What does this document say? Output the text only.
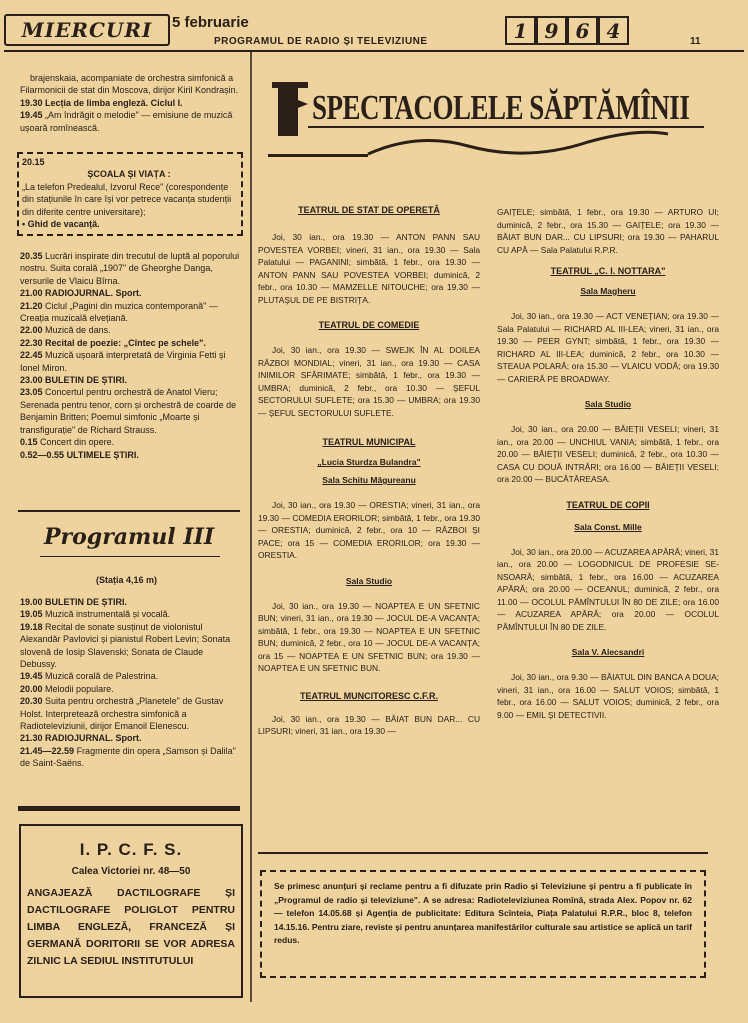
MIERCURI	5 februarie
PROGRAMUL DE RADIO ȘI TELEVIZIUNE	1 9 6 4	11

brajenskaia, acompaniate de orchestra simfonică a Filarmonicii de stat din Moscova, dirijor Kiril Kondrașin.

19.30 Lecția de limba engleză. Ciclul I.

19.45 „Am îndrăgit o melodie" — emisiune de muzică ușoară romînească.

20.15

ȘCOALA ȘI VIAȚA :

„La telefon Predealul, Izvorul Rece" (corespondențe din stațiunile în care își vor petrece vacanța studenții din diferite centre universitare);

• Ghid de vacanță.

20.35 Lucrări inspirate din trecutul de luptă al poporului nostru. Suita corală „1907" de Gheorghe Danga, versurile de Vlaicu Bîrna.

21.00 RADIOJURNAL. Sport.

21.20 Ciclul „Pagini din muzica contemporană" — Creația muzicală elvețiană.

22.00 Muzică de dans.

22.30 Recital de poezie: „Cîntec pe schele".

22.45 Muzică ușoară interpretată de Virginia Fetti și Ionel Miron.

23.00 BULETIN DE ȘTIRI.

23.05 Concertul pentru orchestră de Anatol Vieru; Serenada pentru tenor, corn și orchestră de coarde de Benjamin Britten; Poemul simfonic „Moarte și transfigurație" de Richard Strauss.

0.15 Concert din opere.

0.52—0.55 ULTIMELE ȘTIRI.

Programul III
(Stația 4,16 m)

19.00 BULETIN DE ȘTIRI.

19.05 Muzică instrumentală și vocală.

19.18 Recital de sonate susținut de violonistul Alexandăr Pavlovici și pianistul Robert Levin; Sonata slovenă de Iosip Slavenski; Sonata de Claude Debussy.

19.45 Muzică corală de Palestrina.

20.00 Melodii populare.

20.30 Suita pentru orchestră „Planetele" de Gustav Holst. Interpretează orchestra simfonică a Radioteleviziunii, dirijor Emanoil Elenescu.

21.30 RADIOJURNAL. Sport.

21.45—22.59 Fragmente din opera „Samson și Dalila" de Saint-Saëns.

I. P. C. F. S.
Calea Victoriei nr. 48—50
ANGAJEAZĂ DACTILOGRAFE ȘI DACTILOGRAFE POLIGLOT PENTRU LIMBA ENGLEZĂ, FRANCEZĂ ȘI GERMANĂ DORITORII SE VOR ADRESA ZILNIC LA SEDIUL INSTITUTULUI
SPECTACOLELE SĂPTĂMÎNII
TEATRUL DE STAT DE OPERETĂ
Joi, 30 ian., ora 19.30 — ANTON PANN SAU POVESTEA VORBEI; vineri, 31 ian., ora 19.30 — Sala Palatului — PAGANINI; simbătă, 1 febr., ora 19.30 — ANTON PANN SAU POVESTEA VORBEI; duminică, 2 febr., ora 10.30 — MAMZELLE NITOUCHE; ora 19.30 — PLUTAȘUL DE PE BISTRIȚA.
TEATRUL DE COMEDIE
Joi, 30 ian., ora 19.30 — SWEJK ÎN AL DOILEA RĂZBOI MONDIAL; vineri, 31 ian., ora 19.30 — CASA INIMILOR SFĂRIMATE; simbătă, 1 febr., ora 19.30 — UMBRA; duminică, 2 febr., ora 10.30 — ȘEFUL SECTORULUI SUFLETE; ora 15.30 — UMBRA; ora 19.30 — ȘEFUL SECTORULUI SUFLETE.
TEATRUL MUNICIPAL
„Lucia Sturdza Bulandra"
Sala Schitu Măgureanu
Joi, 30 ian., ora 19.30 — ORESTIA; vineri, 31 ian., ora 19.30 — COMEDIA ERORILOR; simbătă, 1 febr., ora 19.30 — ORESTIA; duminică, 2 febr., ora 10 — RĂZBOI ȘI PACE; ora 15 — COMEDIA ERORILOR; ora 19.30 — ORESTIA.
Sala Studio
Joi, 30 ian., ora 19.30 — NOAPTEA E UN SFETNIC BUN; vineri, 31 ian., ora 19.30 — JOCUL DE-A VACANȚA; simbătă, 1 febr., ora 19.30 — NOAPTEA E UN SFETNIC BUN; duminică, 2 febr., ora 10 — JOCUL DE-A VACANȚA; ora 15 — NOAPTEA E UN SFETNIC BUN; ora 19.30 — NOAPTEA E UN SFETNIC BUN.
TEATRUL MUNCITORESC C.F.R.
Joi, 30 ian., ora 19.30 — BĂIAT BUN DAR... CU LIPSURI; vineri, 31 ian., ora 19.30 —
GAIȚELE; simbătă, 1 febr., ora 19.30 — ARTURO UI; duminică, 2 febr., ora 15.30 — GAIȚELE; ora 19.30 — BĂIAT BUN DAR... CU LIPSURI; ora 19.30 — PAHARUL CU APĂ — Sala Palatului R.P.R.
TEATRUL „C. I. NOTTARA"
Sala Magheru
Joi, 30 ian., ora 19.30 — ACT VENEȚIAN; ora 19.30 — Sala Palatului — RICHARD AL III-LEA; vineri, 31 ian., ora 19.30 — PEER GYNT; simbătă, 1 febr., ora 19.30 — RICHARD AL III-LEA; duminică, 2 febr., ora 10.30 — STEAUA POLARĂ; ora 15.30 — VLAICU VODĂ; ora 19.30 — CARIERĂ PE BROADWAY.
Sala Studio
Joi, 30 ian., ora 20.00 — BĂIEȚII VESELI; vineri, 31 ian., ora 20.00 — UNCHIUL VANIA; simbătă, 1 febr., ora 20.00 — BĂIEȚII VESELI; duminică, 2 febr., ora 10.30 — CASA CU DOUĂ INTRĂRI; ora 16.00 — BĂIEȚII VESELI; ora 20.00 — BUCĂTĂREASA.
TEATRUL DE COPII
Sala Const. Mille
Joi, 30 ian., ora 20.00 — ACUZAREA APĂRĂ; vineri, 31 ian., ora 20.00 — LOGODNICUL DE PROFESIE SE-NSOARĂ; simbătă, 1 febr., ora 16.00 — ACUZAREA APĂRĂ; ora 20.00 — OCEANUL; duminică, 2 febr., ora 11.00 — OCOLUL PĂMÎNTULUI ÎN 80 DE ZILE; ora 16.00 — ACUZAREA APĂRĂ; ora 20.00 — OCOLUL PĂMÎNTULUI ÎN 80 DE ZILE.
Sala V. Alecsandri
Joi, 30 ian., ora 9.30 — BĂIATUL DIN BANCA A DOUA; vineri, 31 ian., ora 16.00 — SALUT VOIOS; simbătă, 1 febr., ora 16.00 — SALUT VOIOS; duminică, 2 febr., ora 9.00 — EMIL ȘI DETECTIVII.
Se primesc anunțuri și reclame pentru a fi difuzate prin Radio și Televiziune și pentru a fi publicate în „Programul de radio și televiziune". A se adresa: Radioteleviziunea Romînă, strada Alex. Popov nr. 62 — telefon 14.05.68 și Agenția de publicitate: Editura Scînteia, Piața Palatului R.P.R., bloc 8, telefon 14.15.16. Pentru ziare, reviste și pentru anunțarea manifestărilor culturale sau artistice se aplică un tarif redus.
